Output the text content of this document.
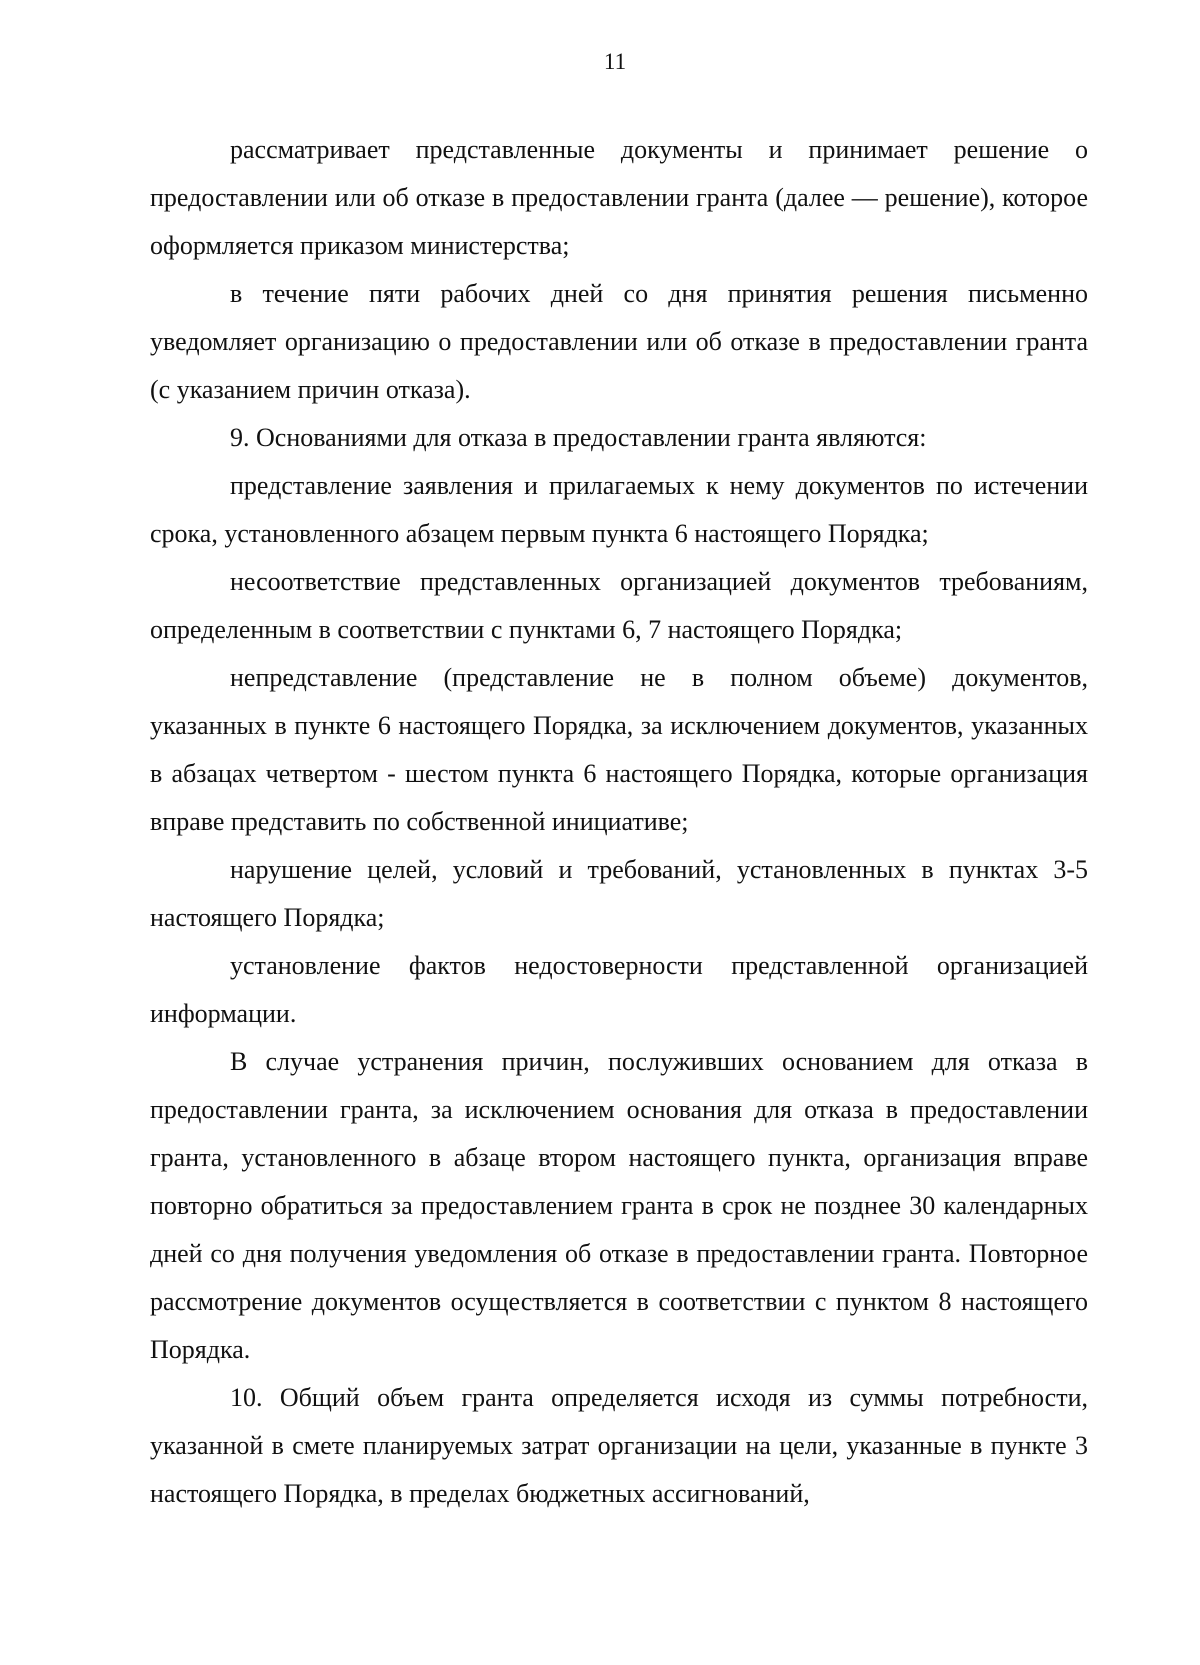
11

рассматривает представленные документы и принимает решение о предоставлении или об отказе в предоставлении гранта (далее — решение), которое оформляется приказом министерства;

в течение пяти рабочих дней со дня принятия решения письменно уведомляет организацию о предоставлении или об отказе в предоставлении гранта (с указанием причин отказа).

9. Основаниями для отказа в предоставлении гранта являются:

представление заявления и прилагаемых к нему документов по истечении срока, установленного абзацем первым пункта 6 настоящего Порядка;

несоответствие представленных организацией документов требованиям, определенным в соответствии с пунктами 6, 7 настоящего Порядка;

непредставление (представление не в полном объеме) документов, указанных в пункте 6 настоящего Порядка, за исключением документов, указанных в абзацах четвертом - шестом пункта 6 настоящего Порядка, которые организация вправе представить по собственной инициативе;

нарушение целей, условий и требований, установленных в пунктах 3-5 настоящего Порядка;

установление фактов недостоверности представленной организацией информации.

В случае устранения причин, послуживших основанием для отказа в предоставлении гранта, за исключением основания для отказа в предоставлении гранта, установленного в абзаце втором настоящего пункта, организация вправе повторно обратиться за предоставлением гранта в срок не позднее 30 календарных дней со дня получения уведомления об отказе в предоставлении гранта. Повторное рассмотрение документов осуществляется в соответствии с пунктом 8 настоящего Порядка.

10. Общий объем гранта определяется исходя из суммы потребности, указанной в смете планируемых затрат организации на цели, указанные в пункте 3 настоящего Порядка, в пределах бюджетных ассигнований,
